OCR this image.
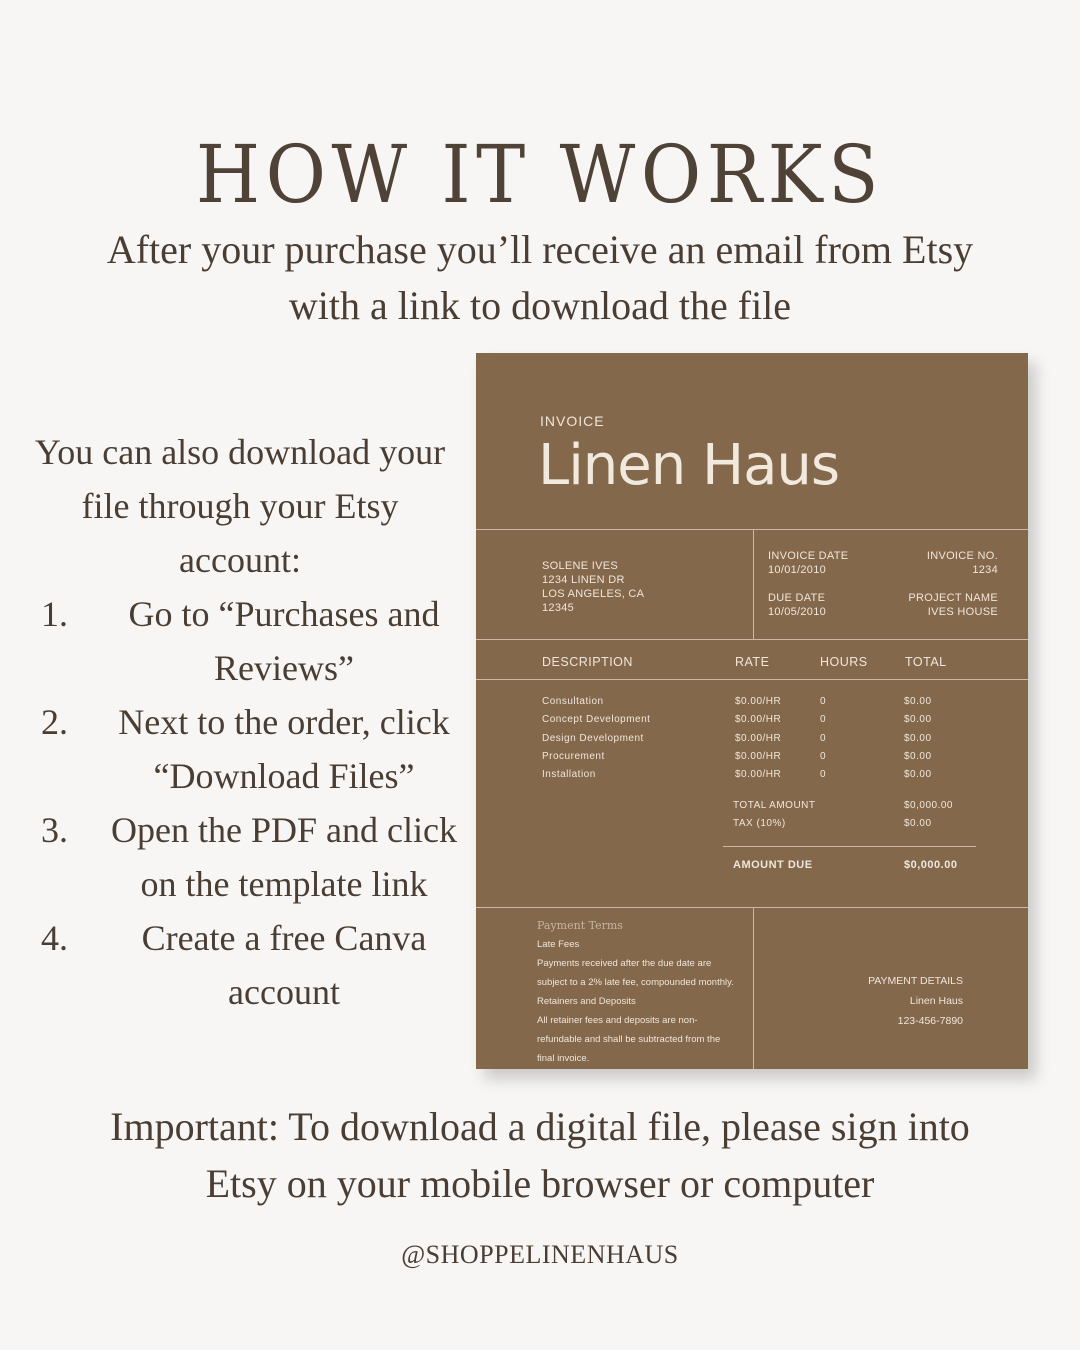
HOW IT WORKS
After your purchase you’ll receive an email from Etsy
with a link to download the file
You can also download your
file through your Etsy
account:
1.	Go to “Purchases and
Reviews”
2.	Next to the order, click
“Download Files”
3.	Open the PDF and click
on the template link
4.	Create a free Canva
account
INVOICE
Linen Haus
SOLENE IVES
1234 LINEN DR
LOS ANGELES, CA
12345
INVOICE DATE
10/01/2010
INVOICE NO.
1234
DUE DATE
10/05/2010
PROJECT NAME
IVES HOUSE
DESCRIPTION	RATE	HOURS	TOTAL
Consultation	$0.00/HR	0	$0.00
Concept Development	$0.00/HR	0	$0.00
Design Development	$0.00/HR	0	$0.00
Procurement	$0.00/HR	0	$0.00
Installation	$0.00/HR	0	$0.00
TOTAL AMOUNT	$0,000.00
TAX (10%)	$0.00
AMOUNT DUE	$0,000.00
Payment Terms
Late Fees
Payments received after the due date are
subject to a 2% late fee, compounded monthly.
Retainers and Deposits
All retainer fees and deposits are non-
refundable and shall be subtracted from the
final invoice.
PAYMENT DETAILS
Linen Haus
123-456-7890
Important: To download a digital file, please sign into
Etsy on your mobile browser or computer
@SHOPPELINENHAUS
